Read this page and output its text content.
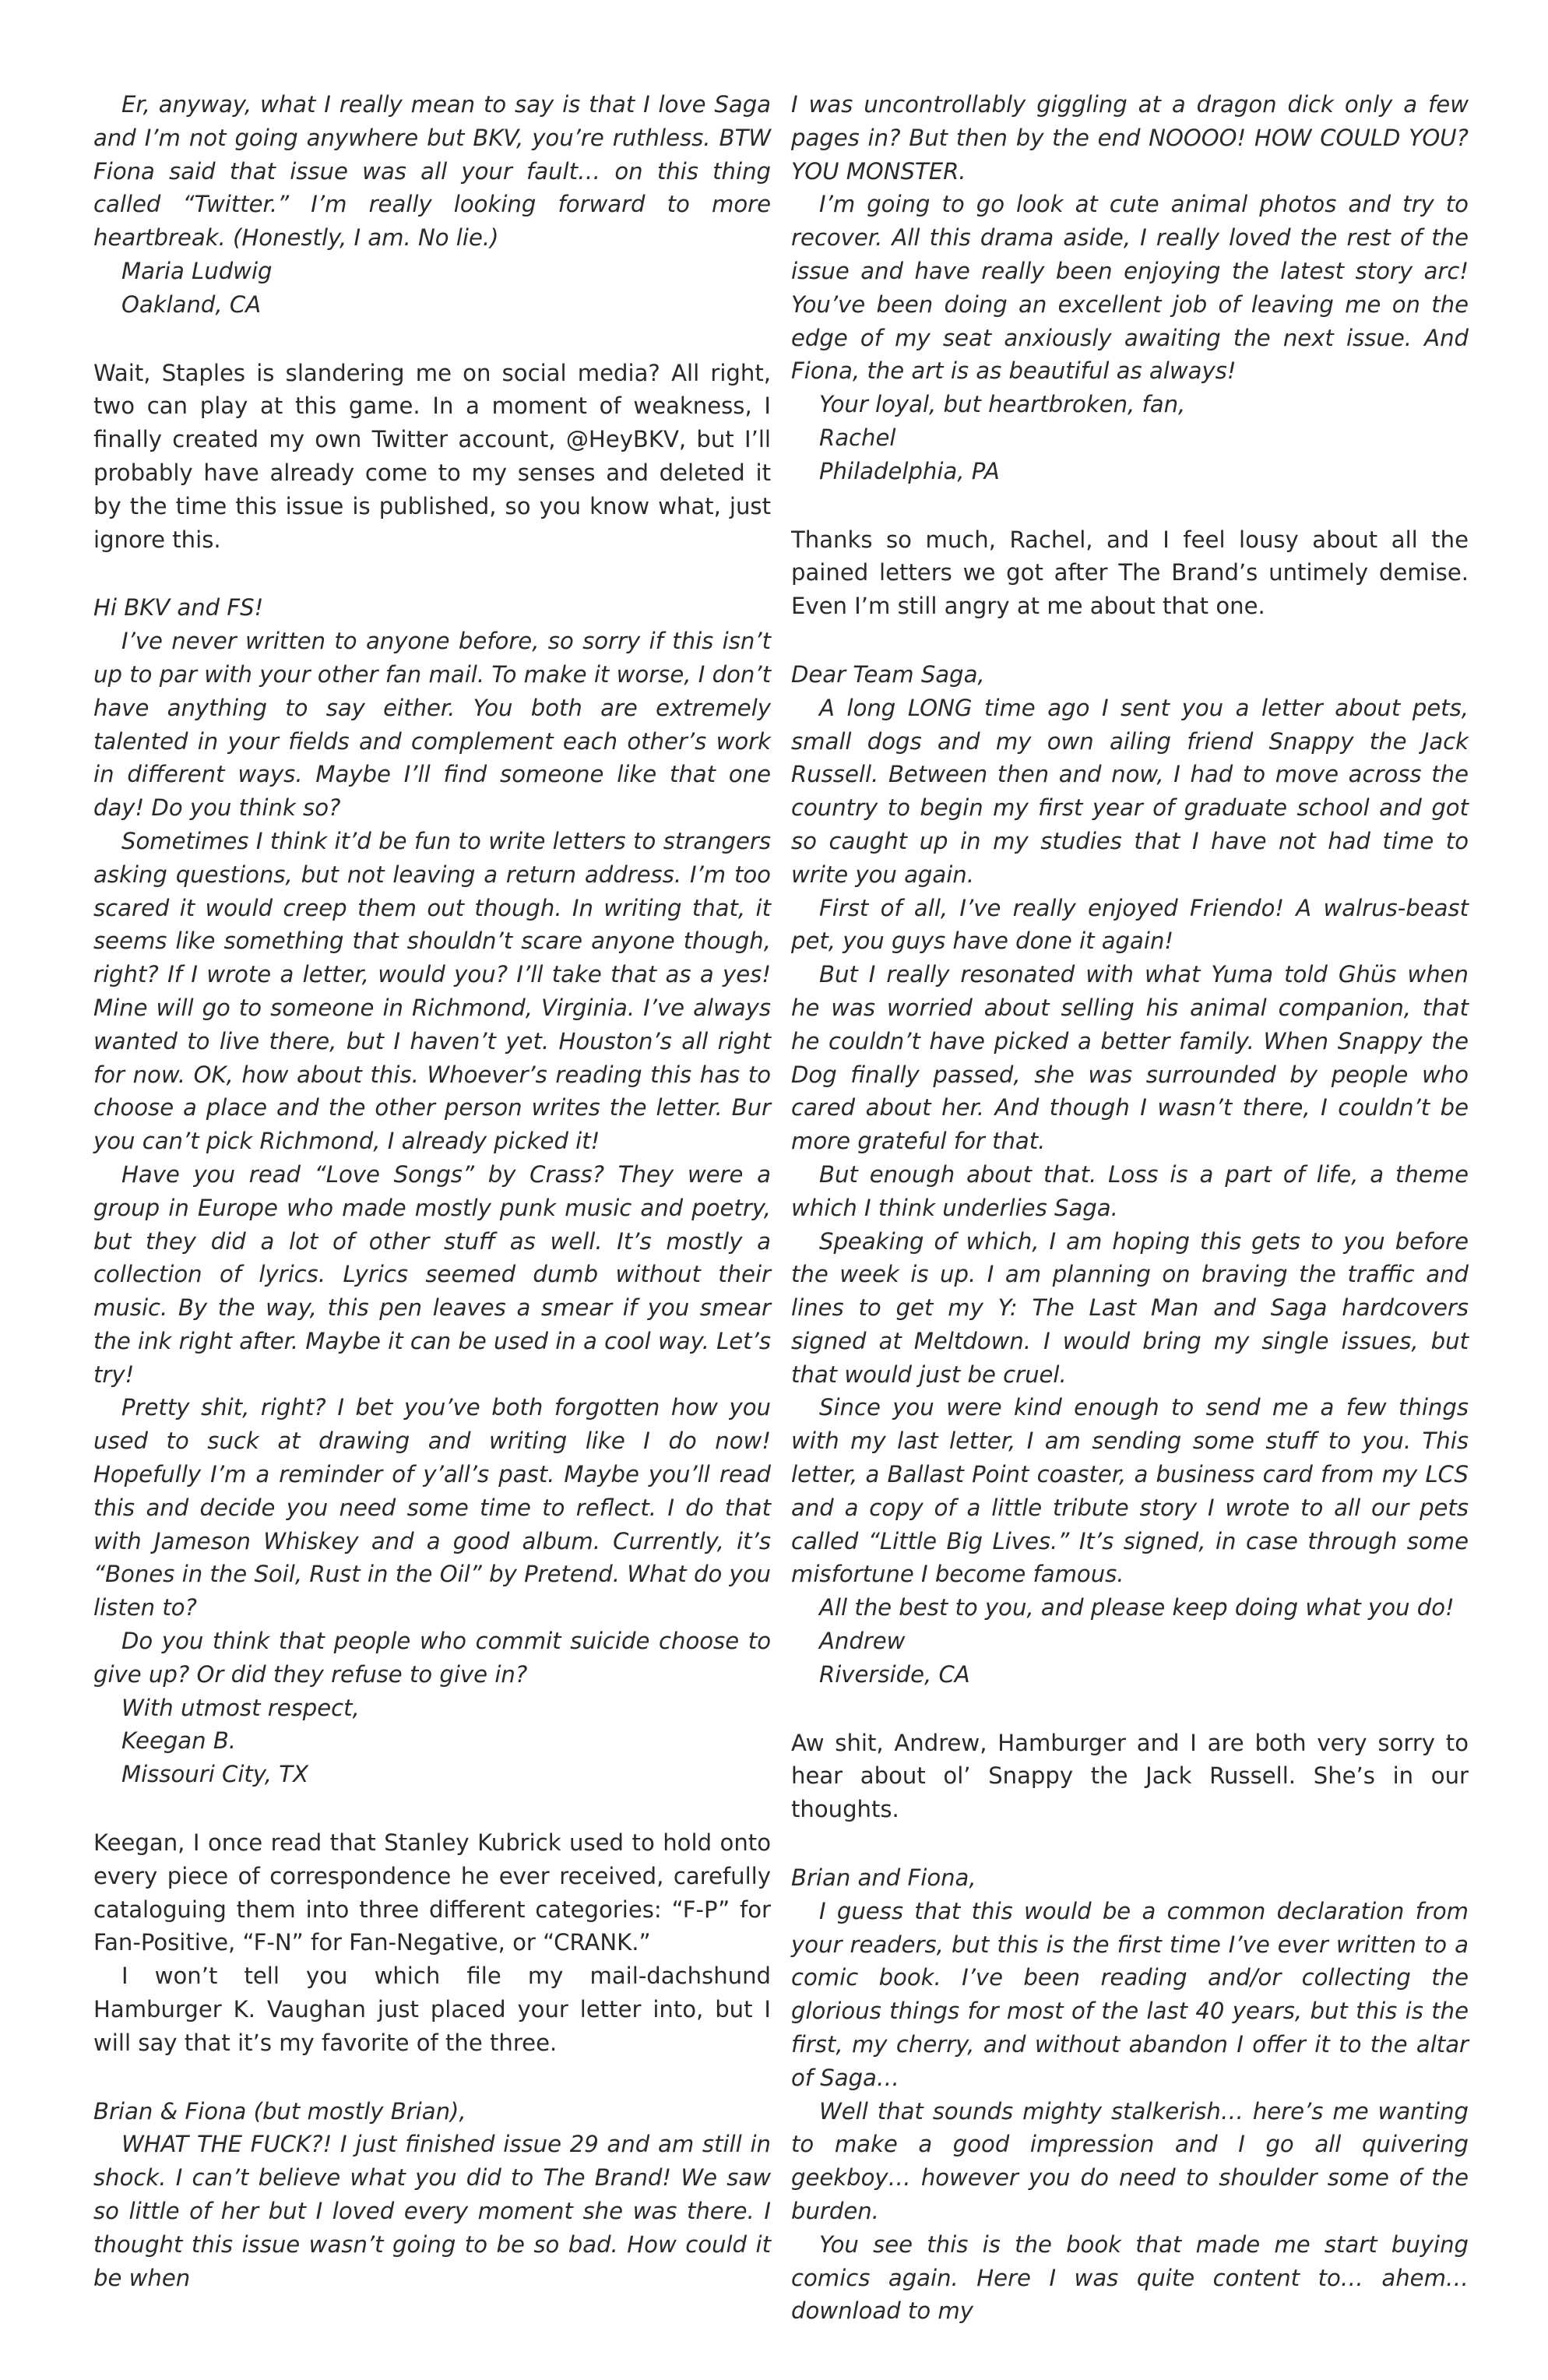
Er, anyway, what I really mean to say is that I love Saga and I’m not going anywhere but BKV, you’re ruthless. BTW Fiona said that issue was all your fault… on this thing called “Twitter.” I’m really looking forward to more heartbreak. (Honestly, I am. No lie.)

Maria Ludwig

Oakland, CA

Wait, Staples is slandering me on social media? All right, two can play at this game. In a moment of weakness, I finally created my own Twitter account, @HeyBKV, but I’ll probably have already come to my senses and deleted it by the time this issue is published, so you know what, just ignore this.

Hi BKV and FS!

I’ve never written to anyone before, so sorry if this isn’t up to par with your other fan mail. To make it worse, I don’t have anything to say either. You both are extremely talented in your fields and complement each other’s work in different ways. Maybe I’ll find someone like that one day! Do you think so?

Sometimes I think it’d be fun to write letters to strangers asking questions, but not leaving a return address. I’m too scared it would creep them out though. In writing that, it seems like something that shouldn’t scare anyone though, right? If I wrote a letter, would you? I’ll take that as a yes! Mine will go to someone in Richmond, Virginia. I’ve always wanted to live there, but I haven’t yet. Houston’s all right for now. OK, how about this. Whoever’s reading this has to choose a place and the other person writes the letter. Bur you can’t pick Richmond, I already picked it!

Have you read “Love Songs” by Crass? They were a group in Europe who made mostly punk music and poetry, but they did a lot of other stuff as well. It’s mostly a collection of lyrics. Lyrics seemed dumb without their music. By the way, this pen leaves a smear if you smear the ink right after. Maybe it can be used in a cool way. Let’s try!

Pretty shit, right? I bet you’ve both forgotten how you used to suck at drawing and writing like I do now! Hopefully I’m a reminder of y’all’s past. Maybe you’ll read this and decide you need some time to reflect. I do that with Jameson Whiskey and a good album. Currently, it’s “Bones in the Soil, Rust in the Oil” by Pretend. What do you listen to?

Do you think that people who commit suicide choose to give up? Or did they refuse to give in?

With utmost respect,

Keegan B.

Missouri City, TX

Keegan, I once read that Stanley Kubrick used to hold onto every piece of correspondence he ever received, carefully cataloguing them into three different categories: “F-P” for Fan-Positive, “F-N” for Fan-Negative, or “CRANK.”

I won’t tell you which file my mail-dachshund Hamburger K. Vaughan just placed your letter into, but I will say that it’s my favorite of the three.

Brian & Fiona (but mostly Brian),

WHAT THE FUCK?! I just finished issue 29 and am still in shock. I can’t believe what you did to The Brand! We saw so little of her but I loved every moment she was there. I thought this issue wasn’t going to be so bad. How could it be when

I was uncontrollably giggling at a dragon dick only a few pages in? But then by the end NOOOO! HOW COULD YOU? YOU MONSTER.

I’m going to go look at cute animal photos and try to recover. All this drama aside, I really loved the rest of the issue and have really been enjoying the latest story arc! You’ve been doing an excellent job of leaving me on the edge of my seat anxiously awaiting the next issue. And Fiona, the art is as beautiful as always!

Your loyal, but heartbroken, fan,

Rachel

Philadelphia, PA

Thanks so much, Rachel, and I feel lousy about all the pained letters we got after The Brand’s untimely demise. Even I’m still angry at me about that one.

Dear Team Saga,

A long LONG time ago I sent you a letter about pets, small dogs and my own ailing friend Snappy the Jack Russell. Between then and now, I had to move across the country to begin my first year of graduate school and got so caught up in my studies that I have not had time to write you again.

First of all, I’ve really enjoyed Friendo! A walrus-beast pet, you guys have done it again!

But I really resonated with what Yuma told Ghüs when he was worried about selling his animal companion, that he couldn’t have picked a better family. When Snappy the Dog finally passed, she was surrounded by people who cared about her. And though I wasn’t there, I couldn’t be more grateful for that.

But enough about that. Loss is a part of life, a theme which I think underlies Saga.

Speaking of which, I am hoping this gets to you before the week is up. I am planning on braving the traffic and lines to get my Y: The Last Man and Saga hardcovers signed at Meltdown. I would bring my single issues, but that would just be cruel.

Since you were kind enough to send me a few things with my last letter, I am sending some stuff to you. This letter, a Ballast Point coaster, a business card from my LCS and a copy of a little tribute story I wrote to all our pets called “Little Big Lives.” It’s signed, in case through some misfortune I become famous.

All the best to you, and please keep doing what you do!

Andrew

Riverside, CA

Aw shit, Andrew, Hamburger and I are both very sorry to hear about ol’ Snappy the Jack Russell. She’s in our thoughts.

Brian and Fiona,

I guess that this would be a common declaration from your readers, but this is the first time I’ve ever written to a comic book. I’ve been reading and/or collecting the glorious things for most of the last 40 years, but this is the first, my cherry, and without abandon I offer it to the altar of Saga…

Well that sounds mighty stalkerish… here’s me wanting to make a good impression and I go all quivering geekboy… however you do need to shoulder some of the burden.

You see this is the book that made me start buying comics again. Here I was quite content to… ahem… download to my
